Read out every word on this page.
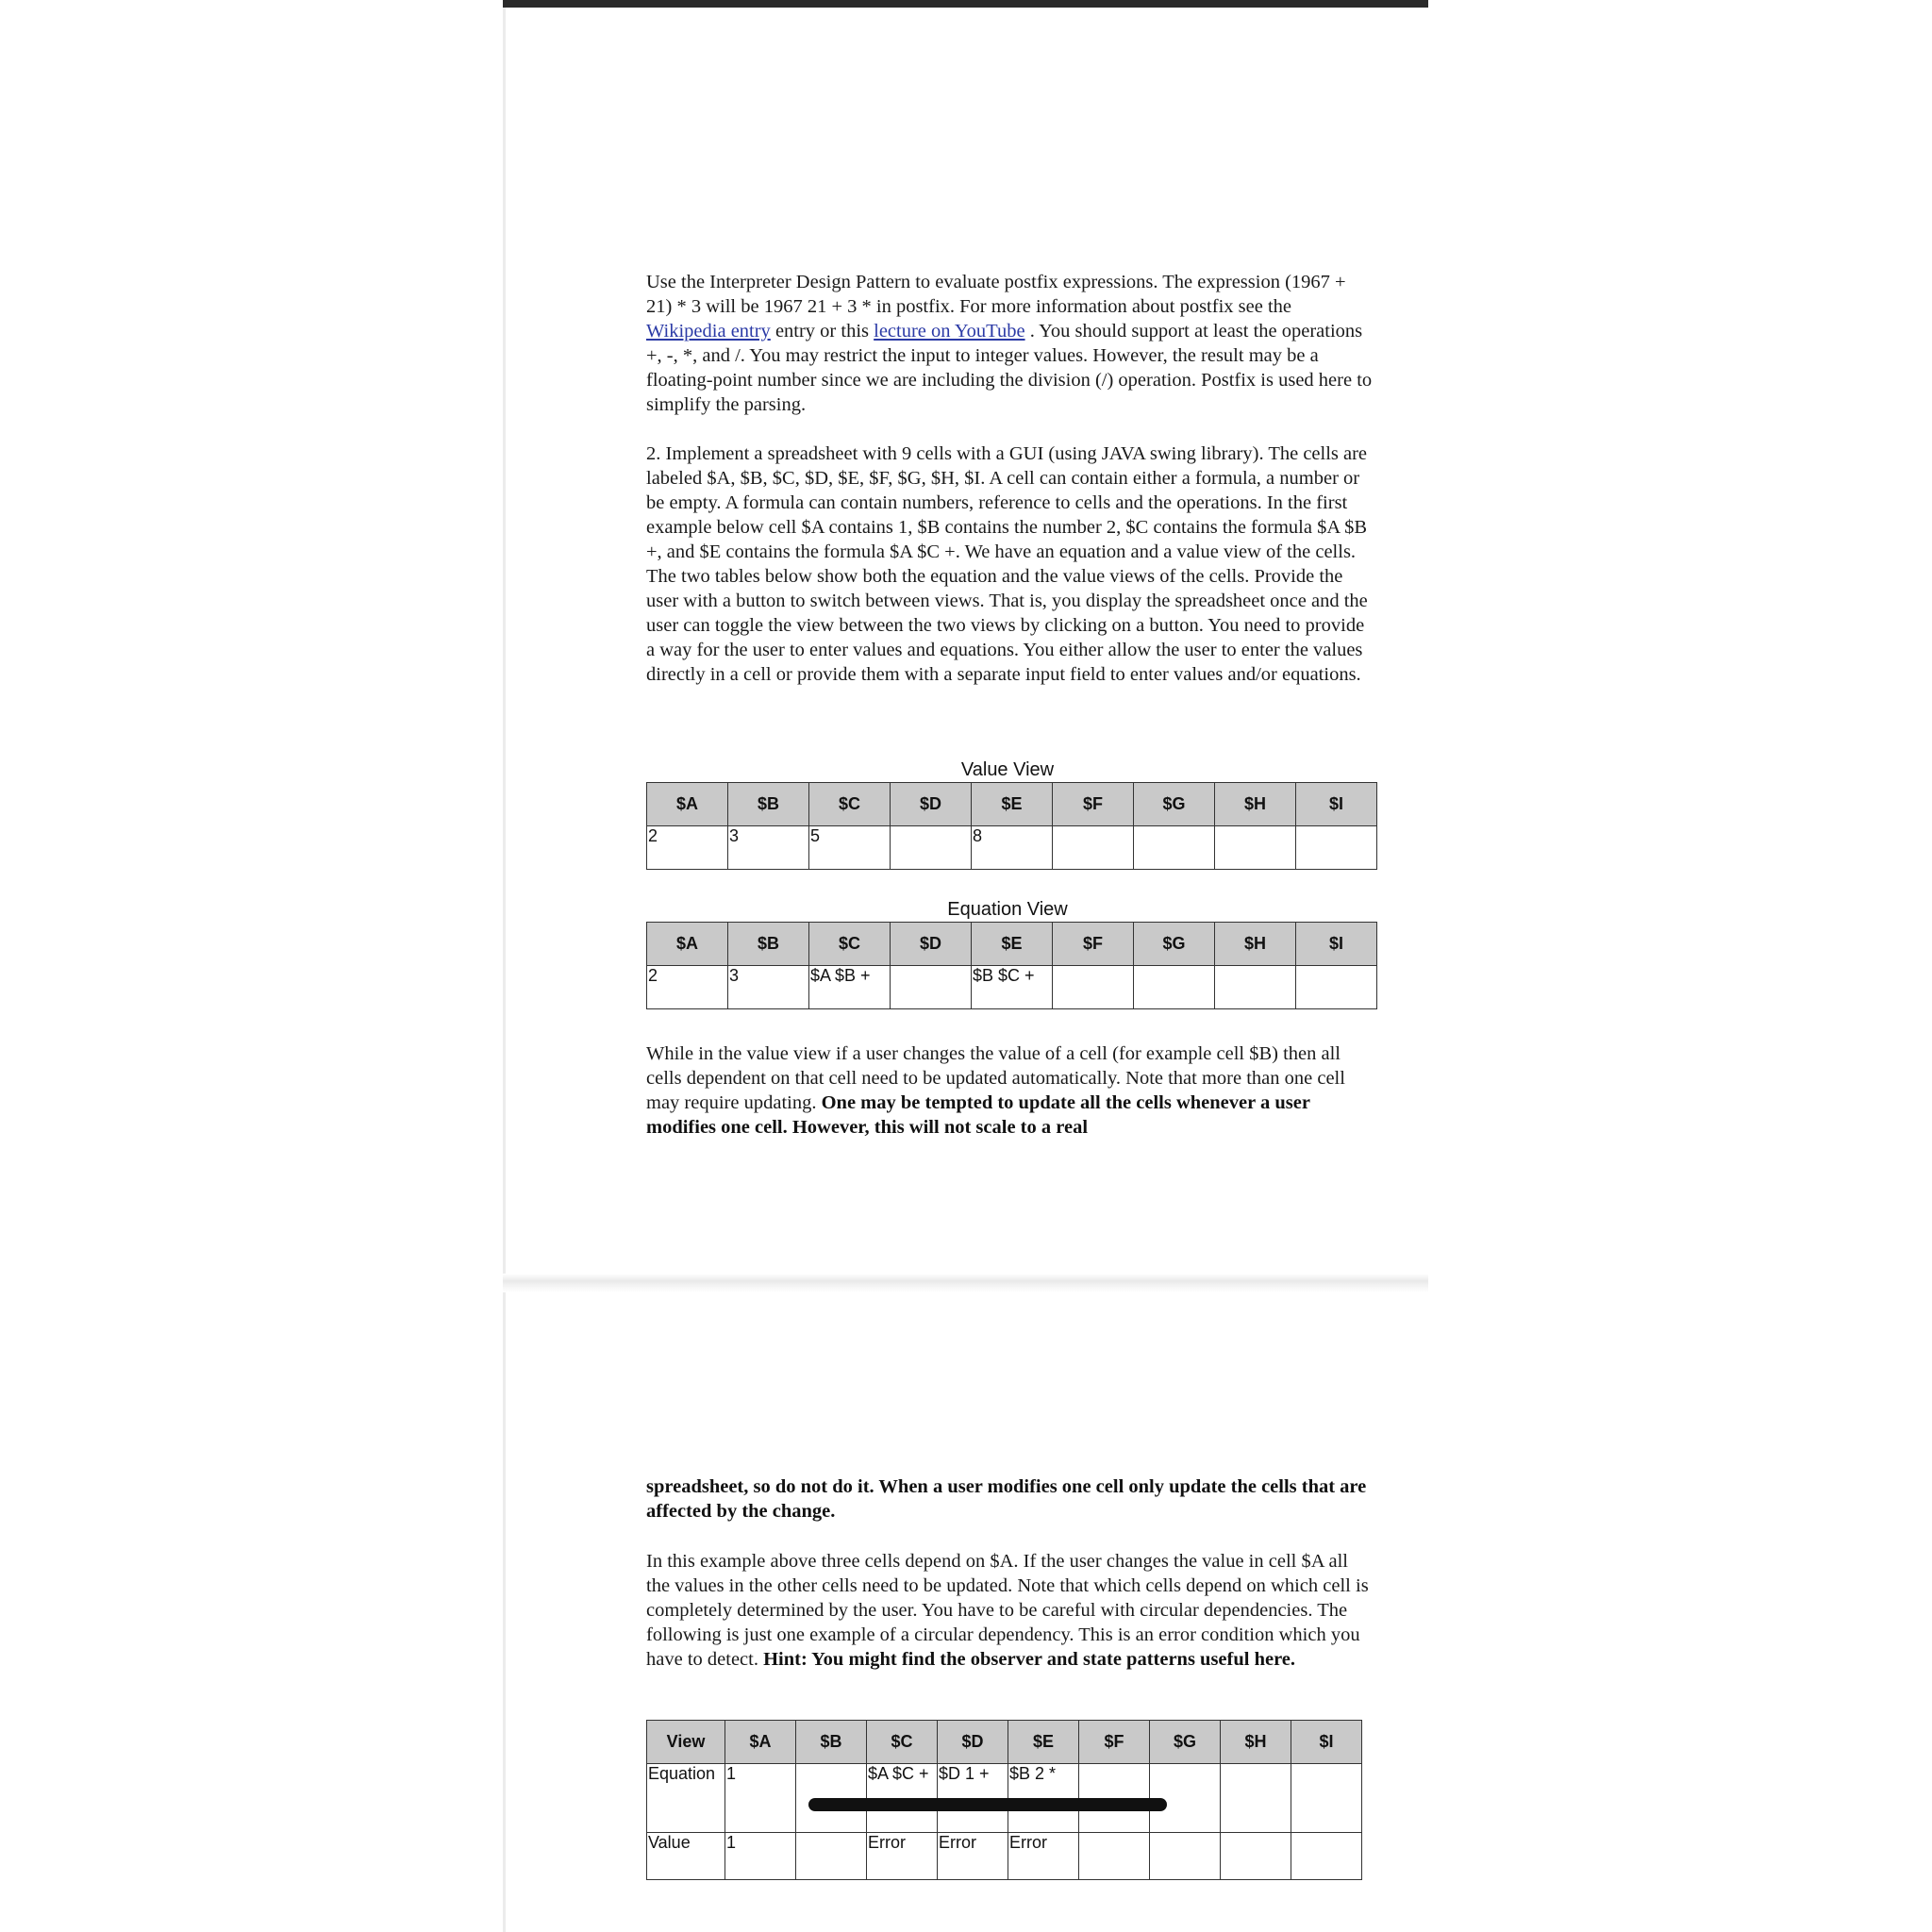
Use the Interpreter Design Pattern to evaluate postfix expressions. The expression (1967 + 21) * 3 will be 1967 21 + 3 * in postfix. For more information about postfix see the Wikipedia entry entry or this lecture on YouTube . You should support at least the operations +, -, *, and /. You may restrict the input to integer values. However, the result may be a floating-point number since we are including the division (/) operation. Postfix is used here to simplify the parsing.

2. Implement a spreadsheet with 9 cells with a GUI (using JAVA swing library). The cells are labeled $A, $B, $C, $D, $E, $F, $G, $H, $I. A cell can contain either a formula, a number or be empty. A formula can contain numbers, reference to cells and the operations. In the first example below cell $A contains 1, $B contains the number 2, $C contains the formula $A $B +, and $E contains the formula $A $C +. We have an equation and a value view of the cells. The two tables below show both the equation and the value views of the cells. Provide the user with a button to switch between views. That is, you display the spreadsheet once and the user can toggle the view between the two views by clicking on a button. You need to provide a way for the user to enter values and equations. You either allow the user to enter the values directly in a cell or provide them with a separate input field to enter values and/or equations.

Value View
$A	$B	$C	$D	$E	$F	$G	$H	$I
2	3	5		8				
Equation View
$A	$B	$C	$D	$E	$F	$G	$H	$I
2	3	$A $B +		$B $C +				

While in the value view if a user changes the value of a cell (for example cell $B) then all cells dependent on that cell need to be updated automatically. Note that more than one cell may require updating. One may be tempted to update all the cells whenever a user modifies one cell. However, this will not scale to a real

spreadsheet, so do not do it. When a user modifies one cell only update the cells that are affected by the change.

In this example above three cells depend on $A. If the user changes the value in cell $A all the values in the other cells need to be updated. Note that which cells depend on which cell is completely determined by the user. You have to be careful with circular dependencies. The following is just one example of a circular dependency. This is an error condition which you have to detect. Hint: You might find the observer and state patterns useful here.

View	$A	$B	$C	$D	$E	$F	$G	$H	$I
Equation	1		$A $C +	$D 1 +	$B 2 *				
Value	1		Error	Error	Error				
